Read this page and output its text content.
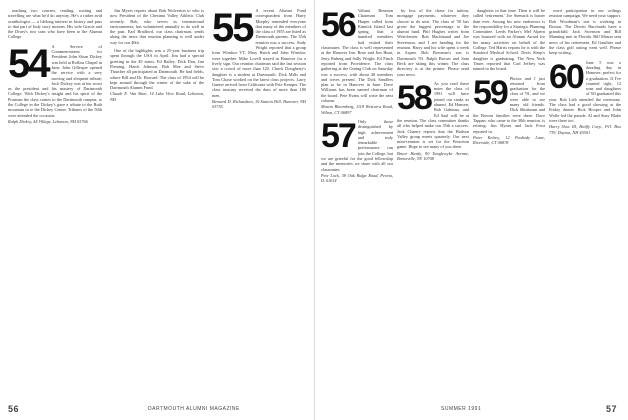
teaching two courses, reading, writing and travelling are what he'd do anyway. He's a rather avid ornithologist — a lifelong interest in history and pass to that part of Indy story mourns. His wife Gracie and the Drury's two sons who have been to the Alumni College

54 A Service of Commencement for President John Sloan Dickey was held at Rollins Chapel in June. John Gillespie opened the service with a very moving and eloquent tribute; Jack Dickey was at his worst as the president and his mastery of Dartmouth College. With Dickey's insight and his spirit of the Pronoun the class comes to the Dartmouth campus, to the College in the Dickey's gave a tribute to the Ruth mountain in to the Dickey Center. Tributes of the 50th were attended the occasion.
Ralph Dickey, 44 Village, Lebanon, NH 03766

Jim Myers reports about Bob Wolverton to who is now President of the Chestnut Valley Athletic Club recently. Bob, who serves in international environments, has volunteered annually to do well in the past. Earl Bradford, our class chairman, sends along the news that reunion planning is well under way for our 40th.

One of the highlights was a 25-year business trip spent through the USA in April. Jim had a special greeting in the 49 states. Ed Bailey, Dick Dan, Jim Fleming, Hatch Johnson, Bob Moe and Steve Thatcher all participated in Dartmouth. He had fields, where Bill and Dr. Howard. The class of 1954 will be kept around through the winter of the sake of the Dartmouth Alumni Fund.

Claude E. Van Shae, 14 Lake View Road, Lebanon, NH
55 A recent Alumni Fund correspondent from Harry Murphy reminded everyone that many of the members of the class of 1955 are listed as Dartmouth parents. The 35th reunion was a success. Andy Wright reported that a group from Windsor VT, Mary Hatch and John Winslow were together. Mike Lovell stayed in Hanover for a lively sign. Our reunion chairman said the last session saw a crowd of more than 125. Chuck Dougherty's daughter is a student at Dartmouth. Dick Mills and Tom Chase worked on the latest class projects. Larry Gunter arrived from California with Pete Kemper. The class treasury received the dues of more than 180 men.
Bernard D. Richardson, 10 Station Hill, Hanover, NH 03755
56	DARTMOUTH ALUMNI MAGAZINE
56 Valiant Reunion Chairman Tom Harper called from Kinnick Island last spring, that a hundred members had visited their classmates. The class is well represented at the Hanover Inn. Rose and Jim Hunt, Jerry Ruberg and Sally Wright. Ed Finch reported from Providence. The class gathering at the Outing Club on Saturday was a success, with about 40 members and wives present. The Dick Sandlers plan to be in Hanover in June. Dave Williams has been named chairman of the board. Pete Evans will write the next column.
Martin Bloomberg, 1118 Westview Road, Wilton, CT 06897
57 Only those distinguished by high achievement and truly remarkable performance can join the College, but we are grateful for the good fellowship and the memories we share with all our classmates.
Pete Lock, 38 Oak Ridge Road, Peoria, IL 61614

by loss of the chase for tuition, mortgage payments, whatever they choose to do next. The class of '58 has given the biggest percentage to the alumni fund. Phil Hughes writes from Westchester. Bob Machinaud and Joe Stevenson, and I are heading for the reunion. Harry and his wife spent a week in Aspen. Bob Bowman's son is Dartmouth '93. Ralph Brown and Sam Beck are skiing this winter. The class directory is at the printer. Please send your news.

58 As you read these notes the class of 1991 will have joined our ranks as alumni. Ed Hansen, Bob Gahinan, and Ed Saul will be at the reunion. The class committee thanks all who helped make our 35th a success. Jack Chaney reports that the Hudson Valley group meets quarterly. Our next mini-reunion is set for the Princeton game. Hope to see many of you there.
Bruce Hardy, 90 Tanglewyke Avenue, Bronxville, NY 10708

daughters in that time. Then it will be called 'retirement.' Joe Stemack is busier than ever. Among his new endeavors is the responsibility for a Strategic Planning Committee. Leeds Parker's Mel Alpern was honored with an Alumni Award for his many activities on behalf of the College. Ted Harris reports he is with the Stanford Medical School. Doris Sleep's daughter is graduating. The New York Times reported that Carl Jeffrey was named to the board.

59 Photos and I just returned from graduation for the class of '91, and we were able to see many old friends. Dick Shinbaum and the Bowen families were there. Dave Tappan, who came to the 30th reunion, is retiring. Jim Hynes and Jack Frost reported in.
Peter Kelsey, 12 Peabody Lane, Riverside, CT 06878

word participation in our ceilings reunion campaign. We need your support. Bob Woodman's son is working in Boston. The Dewitt Burchards have a grandchild. Jack Swenson and Bill Manning met in Florida. Bill Mason sent news of his retirement. Ed Gauthier and the class golf outing went well. Please keep writing.

60 June 5 was a dazzling day in Hanover, perfect for a graduation. If I've counted right, 12 sons and daughters of '60 graduated this year. Bob Lieb attended the ceremony. The class had a good showing at the Friday dinner. Rick Hooper and John Wolfe led the parade. Al and Suzy Blake were there too.
Harry Slow III, Haifly Corp., P.O. Box 739, Dayton, NH 45501
SUMMER 1991	57
